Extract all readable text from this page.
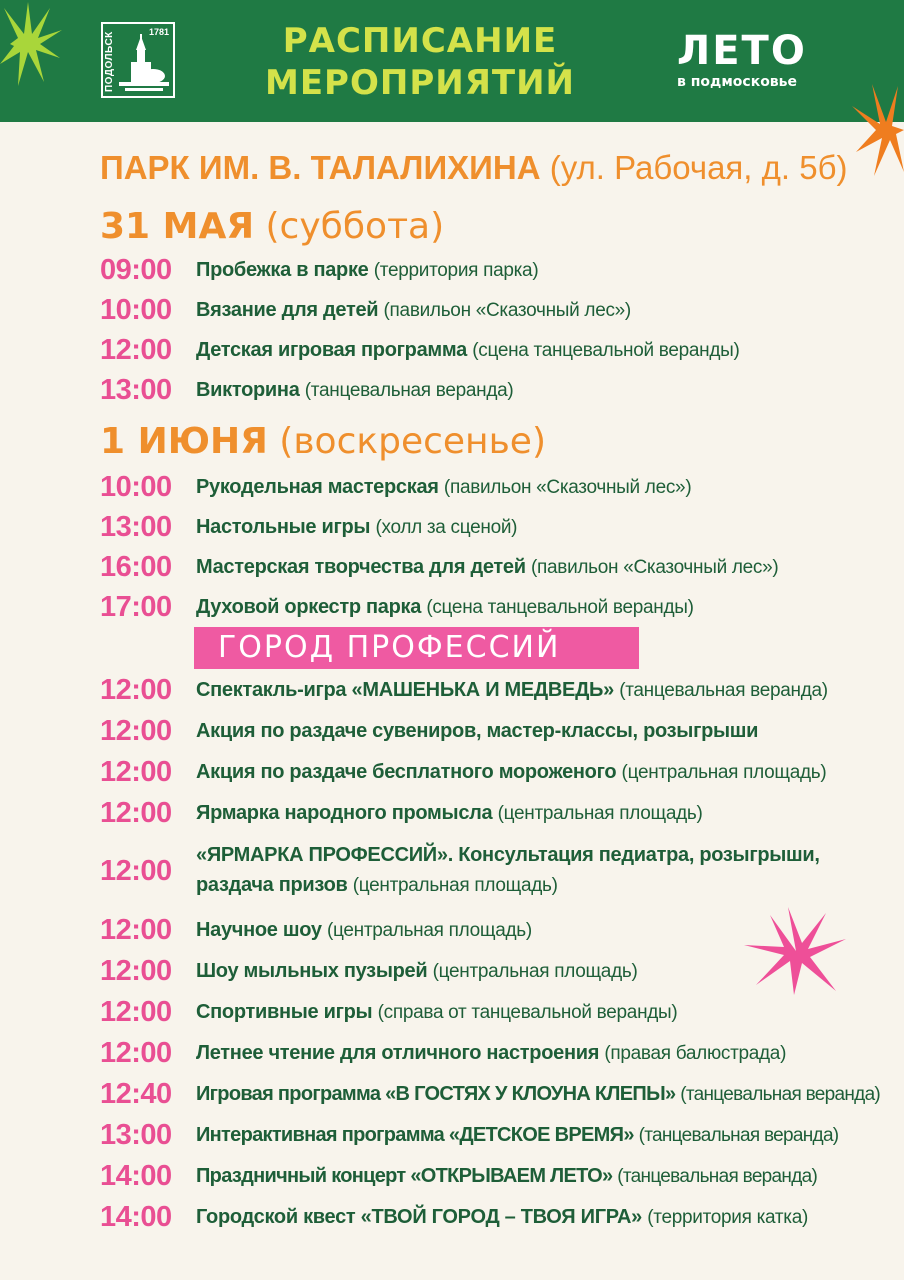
ПОДОЛЬСК	1781	РАСПИСАНИЕ
МЕРОПРИЯТИЙ
ЛЕТО
в подмосковье
ПАРК ИМ. В. ТАЛАЛИХИНА (ул. Рабочая, д. 5б)
31 МАЯ (суббота)
09:00 Пробежка в парке (территория парка)
10:00 Вязание для детей (павильон «Сказочный лес»)
12:00 Детская игровая программа (сцена танцевальной веранды)
13:00 Викторина (танцевальная веранда)
1 ИЮНЯ (воскресенье)
10:00 Рукодельная мастерская (павильон «Сказочный лес»)
13:00 Настольные игры (холл за сценой)
16:00 Мастерская творчества для детей (павильон «Сказочный лес»)
17:00 Духовой оркестр парка (сцена танцевальной веранды)
ГОРОД ПРОФЕССИЙ
12:00 Спектакль-игра «МАШЕНЬКА И МЕДВЕДЬ» (танцевальная веранда)
12:00 Акция по раздаче сувениров, мастер-классы, розыгрыши
12:00 Акция по раздаче бесплатного мороженого (центральная площадь)
12:00 Ярмарка народного промысла (центральная площадь)
12:00 «ЯРМАРКА ПРОФЕССИЙ». Консультация педиатра, розыгрыши, раздача призов (центральная площадь)
12:00 Научное шоу (центральная площадь)
12:00 Шоу мыльных пузырей (центральная площадь)
12:00 Спортивные игры (справа от танцевальной веранды)
12:00 Летнее чтение для отличного настроения (правая балюстрада)
12:40 Игровая программа «В ГОСТЯХ У КЛОУНА КЛЕПЫ» (танцевальная веранда)
13:00 Интерактивная программа «ДЕТСКОЕ ВРЕМЯ» (танцевальная веранда)
14:00 Праздничный концерт «ОТКРЫВАЕМ ЛЕТО» (танцевальная веранда)
14:00 Городской квест «ТВОЙ ГОРОД – ТВОЯ ИГРА» (территория катка)
